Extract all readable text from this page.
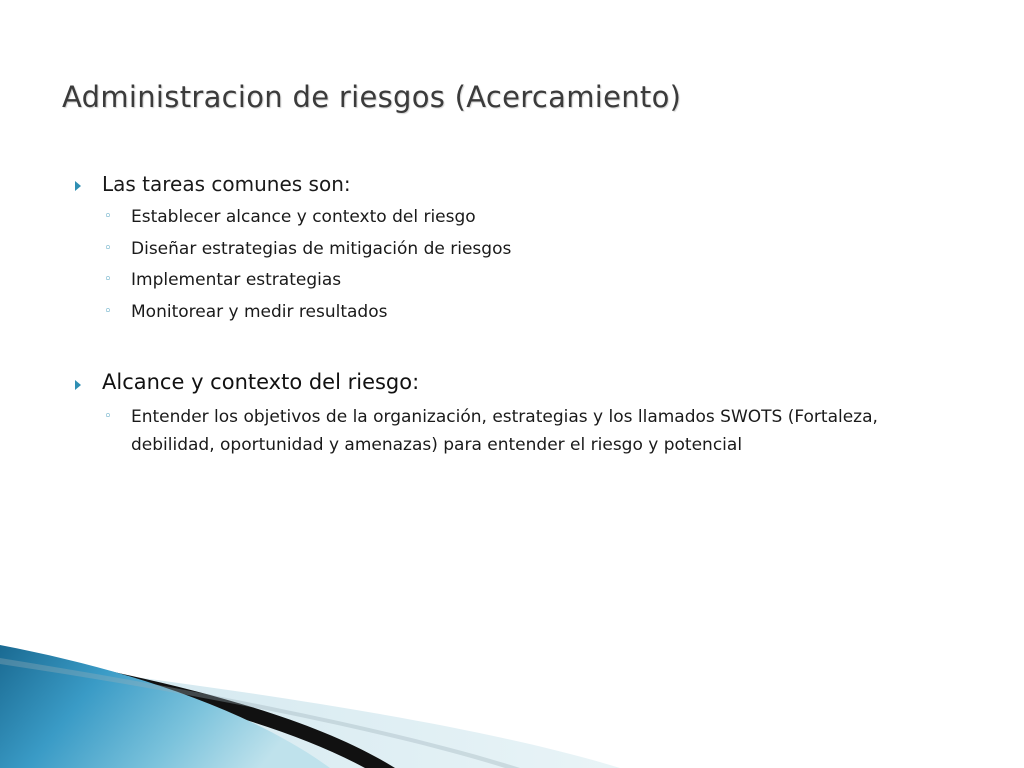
Administracion de riesgos (Acercamiento)
Las tareas comunes son:
◦ Establecer alcance y contexto del riesgo
◦ Diseñar estrategias de mitigación de riesgos
◦ Implementar estrategias
◦ Monitorear y medir resultados
Alcance y contexto del riesgo:
◦ Entender los objetivos de la organización, estrategias y los llamados SWOTS (Fortaleza, debilidad, oportunidad y amenazas) para entender el riesgo y potencial
